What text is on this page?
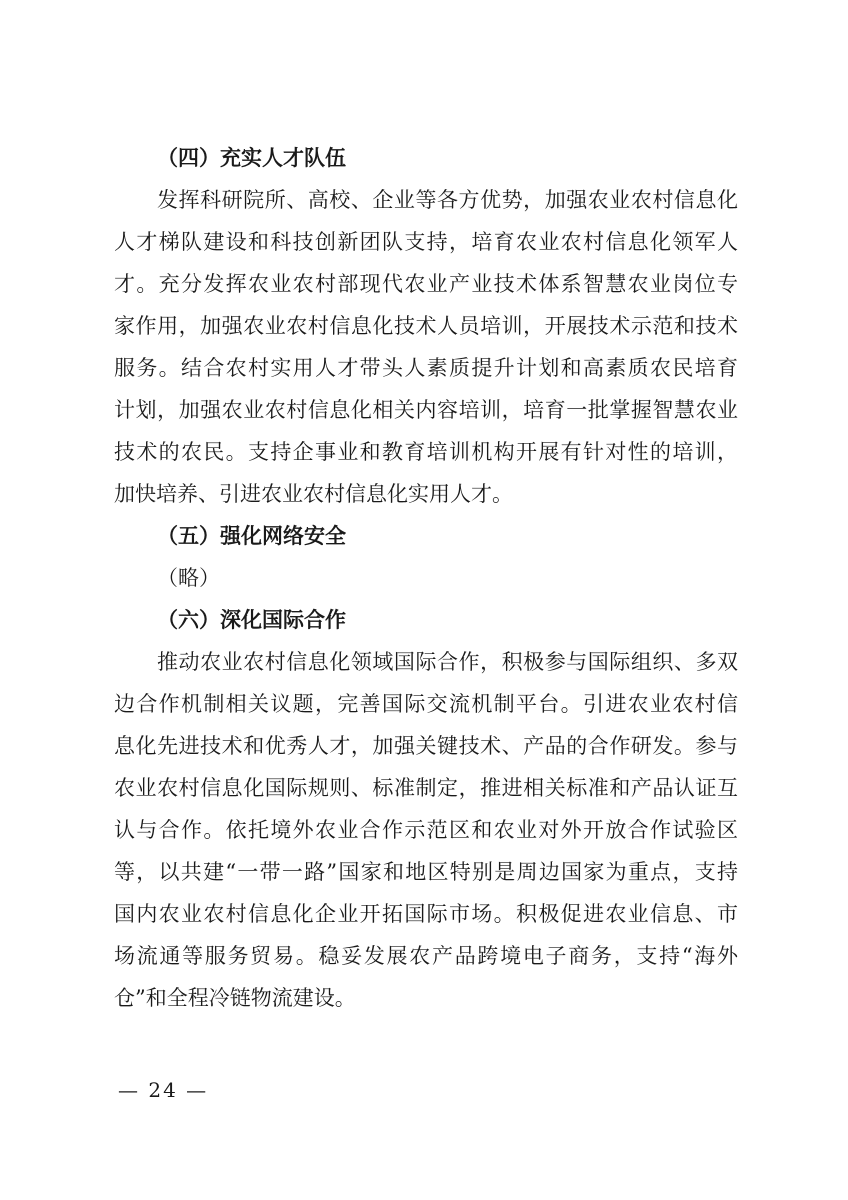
（四）充实人才队伍
发挥科研院所、高校、企业等各方优势，加强农业农村信息化
人才梯队建设和科技创新团队支持，培育农业农村信息化领军人
才。充分发挥农业农村部现代农业产业技术体系智慧农业岗位专
家作用，加强农业农村信息化技术人员培训，开展技术示范和技术
服务。结合农村实用人才带头人素质提升计划和高素质农民培育
计划，加强农业农村信息化相关内容培训，培育一批掌握智慧农业
技术的农民。支持企事业和教育培训机构开展有针对性的培训，
加快培养、引进农业农村信息化实用人才。
（五）强化网络安全
（略）
（六）深化国际合作
推动农业农村信息化领域国际合作，积极参与国际组织、多双
边合作机制相关议题，完善国际交流机制平台。引进农业农村信
息化先进技术和优秀人才，加强关键技术、产品的合作研发。参与
农业农村信息化国际规则、标准制定，推进相关标准和产品认证互
认与合作。依托境外农业合作示范区和农业对外开放合作试验区
等，以共建“一带一路”国家和地区特别是周边国家为重点，支持
国内农业农村信息化企业开拓国际市场。积极促进农业信息、市
场流通等服务贸易。稳妥发展农产品跨境电子商务，支持“海外
仓”和全程冷链物流建设。
— 24 —
